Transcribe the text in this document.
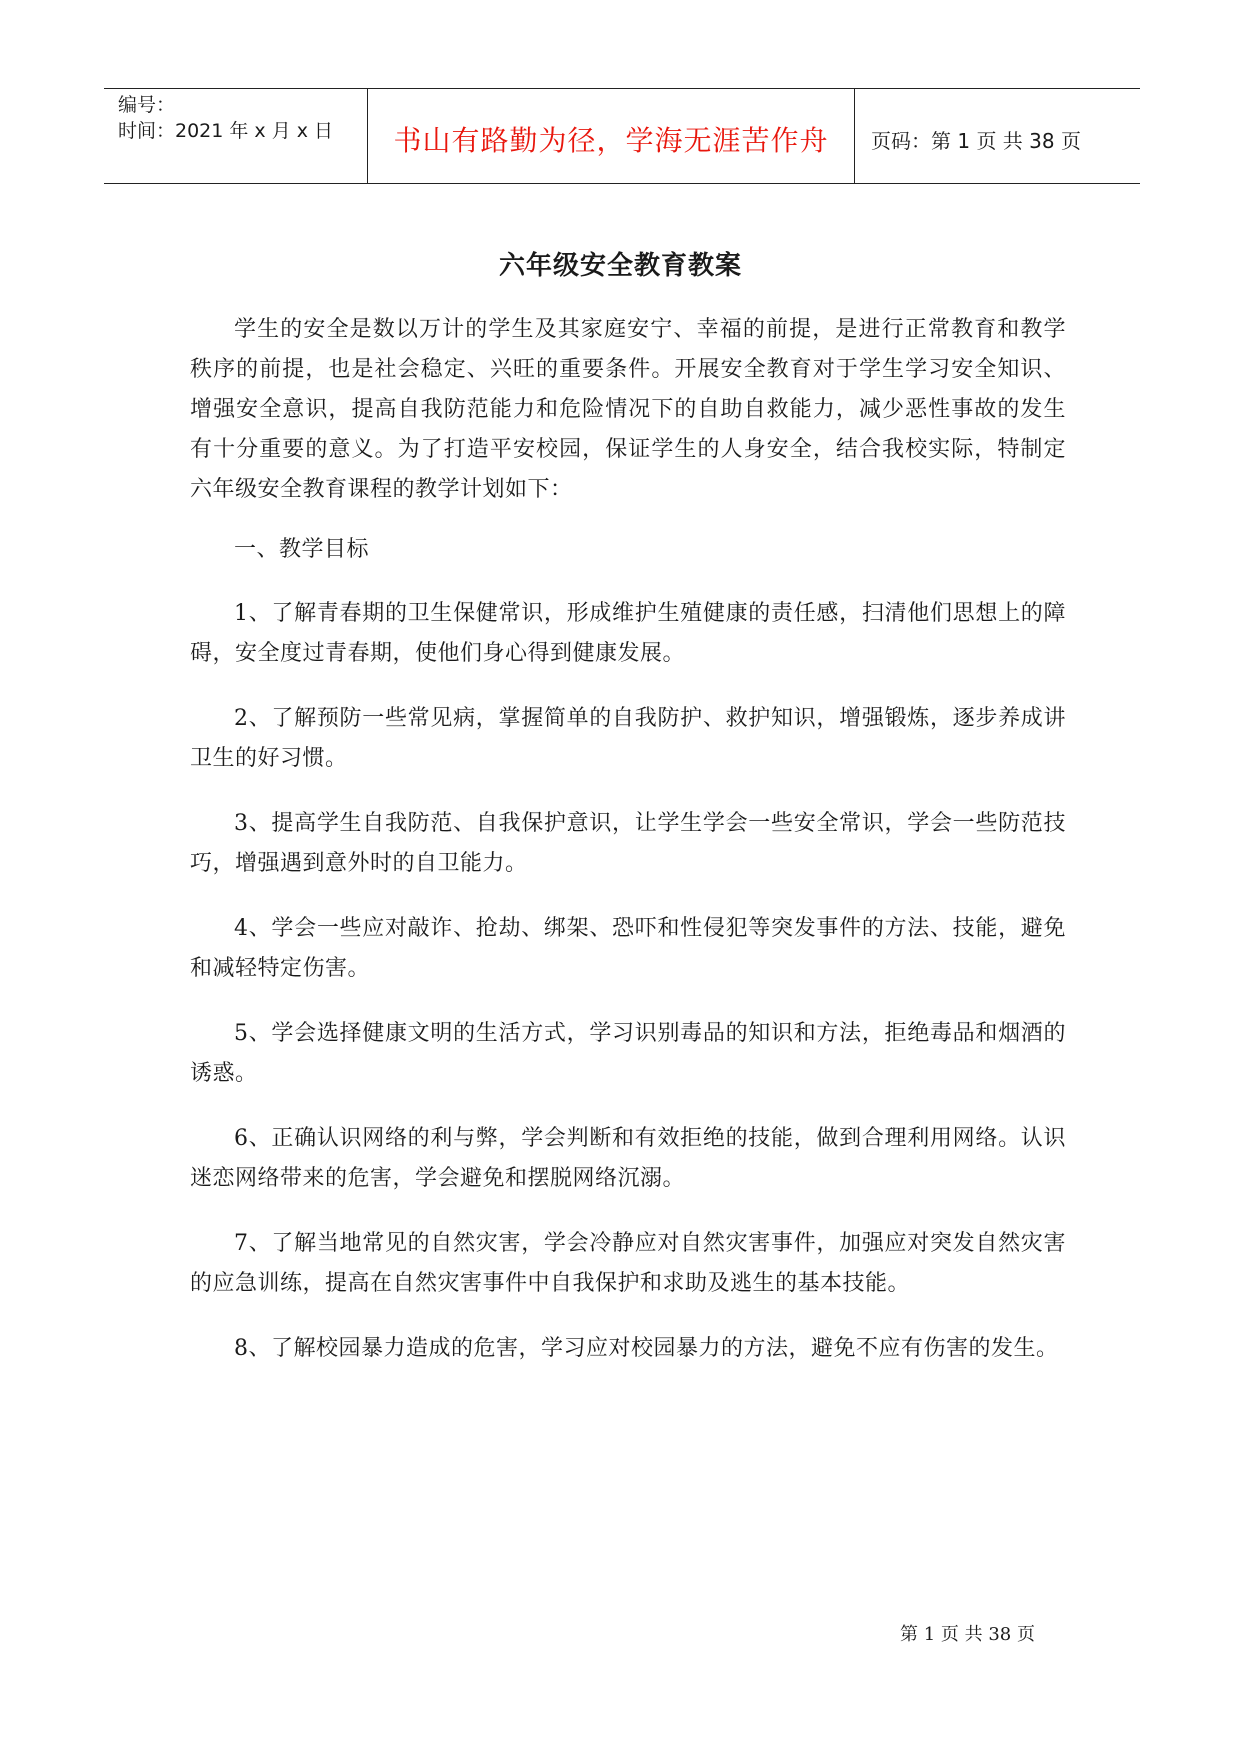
编号：
时间：2021 年 x 月 x 日	书山有路勤为径，学海无涯苦作舟	页码：第 1 页 共 38 页
六年级安全教育教案

学生的安全是数以万计的学生及其家庭安宁、幸福的前提，是进行正常教育和教学秩序的前提，也是社会稳定、兴旺的重要条件。开展安全教育对于学生学习安全知识、增强安全意识，提高自我防范能力和危险情况下的自助自救能力，减少恶性事故的发生有十分重要的意义。为了打造平安校园，保证学生的人身安全，结合我校实际，特制定六年级安全教育课程的教学计划如下：

一、教学目标

1、了解青春期的卫生保健常识，形成维护生殖健康的责任感，扫清他们思想上的障碍，安全度过青春期，使他们身心得到健康发展。

2、了解预防一些常见病，掌握简单的自我防护、救护知识，增强锻炼，逐步养成讲卫生的好习惯。

3、提高学生自我防范、自我保护意识，让学生学会一些安全常识，学会一些防范技巧，增强遇到意外时的自卫能力。

4、学会一些应对敲诈、抢劫、绑架、恐吓和性侵犯等突发事件的方法、技能，避免和减轻特定伤害。

5、学会选择健康文明的生活方式，学习识别毒品的知识和方法，拒绝毒品和烟酒的诱惑。

6、正确认识网络的利与弊，学会判断和有效拒绝的技能，做到合理利用网络。认识迷恋网络带来的危害，学会避免和摆脱网络沉溺。

7、了解当地常见的自然灾害，学会冷静应对自然灾害事件，加强应对突发自然灾害的应急训练，提高在自然灾害事件中自我保护和求助及逃生的基本技能。

8、了解校园暴力造成的危害，学习应对校园暴力的方法，避免不应有伤害的发生。

第 1 页 共 38 页
